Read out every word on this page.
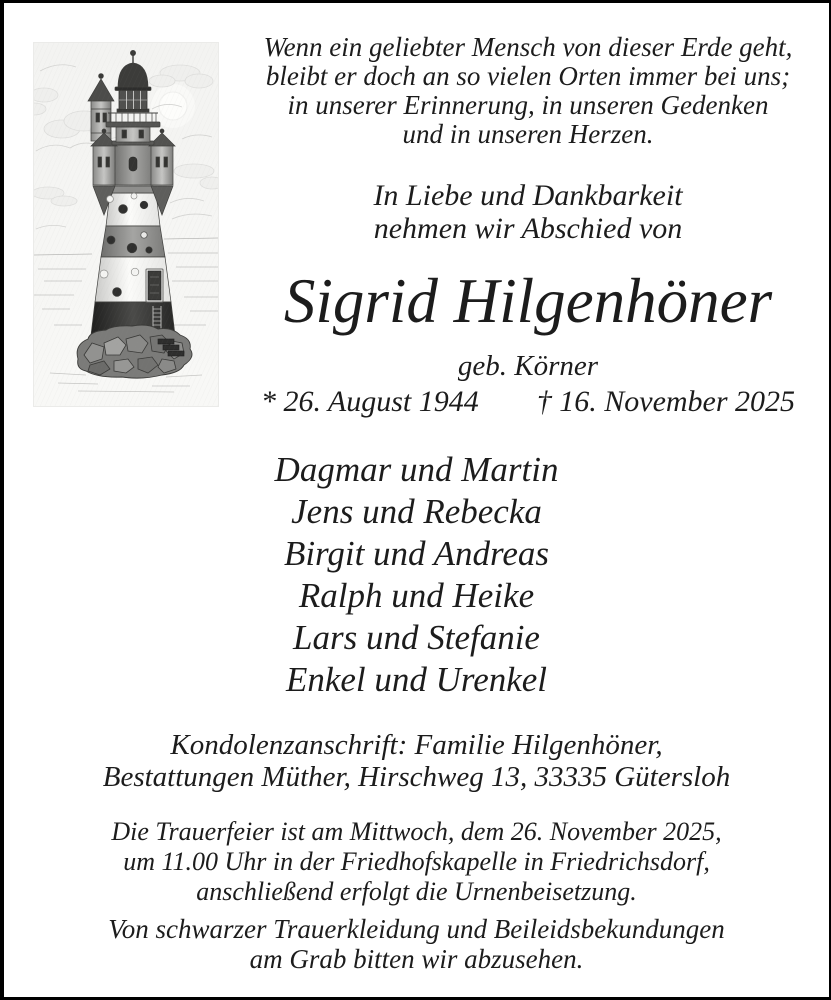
Wenn ein geliebter Mensch von dieser Erde geht,
bleibt er doch an so vielen Orten immer bei uns;
in unserer Erinnerung, in unseren Gedenken
und in unseren Herzen.
In Liebe und Dankbarkeit
nehmen wir Abschied von
Sigrid Hilgenhöner
geb. Körner
* 26. August 1944 † 16. November 2025
Dagmar und Martin
Jens und Rebecka
Birgit und Andreas
Ralph und Heike
Lars und Stefanie
Enkel und Urenkel
Kondolenzanschrift: Familie Hilgenhöner,
Bestattungen Müther, Hirschweg 13, 33335 Gütersloh
Die Trauerfeier ist am Mittwoch, dem 26. November 2025,
um 11.00 Uhr in der Friedhofskapelle in Friedrichsdorf,
anschließend erfolgt die Urnenbeisetzung.
Von schwarzer Trauerkleidung und Beileidsbekundungen
am Grab bitten wir abzusehen.
